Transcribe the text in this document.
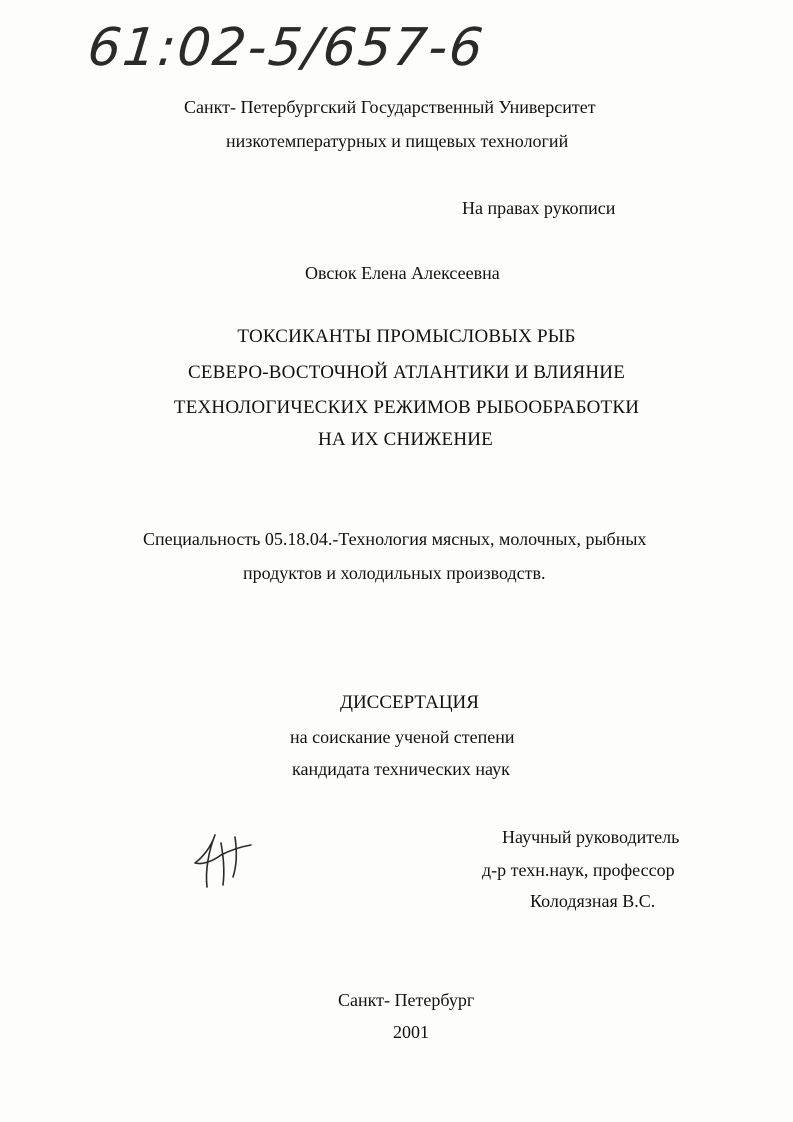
61:02-5/657-6
Санкт- Петербургский Государственный Университет
низкотемпературных и пищевых технологий
На правах рукописи
Овсюк Елена Алексеевна
ТОКСИКАНТЫ ПРОМЫСЛОВЫХ РЫБ
СЕВЕРО-ВОСТОЧНОЙ АТЛАНТИКИ И ВЛИЯНИЕ
ТЕХНОЛОГИЧЕСКИХ РЕЖИМОВ РЫБООБРАБОТКИ
НА ИХ СНИЖЕНИЕ
Специальность 05.18.04.-Технология мясных, молочных, рыбных
продуктов и холодильных производств.
ДИССЕРТАЦИЯ
на соискание ученой степени
кандидата технических наук
Научный руководитель
д-р техн.наук, профессор
Колодязная В.С.
Санкт- Петербург
2001
